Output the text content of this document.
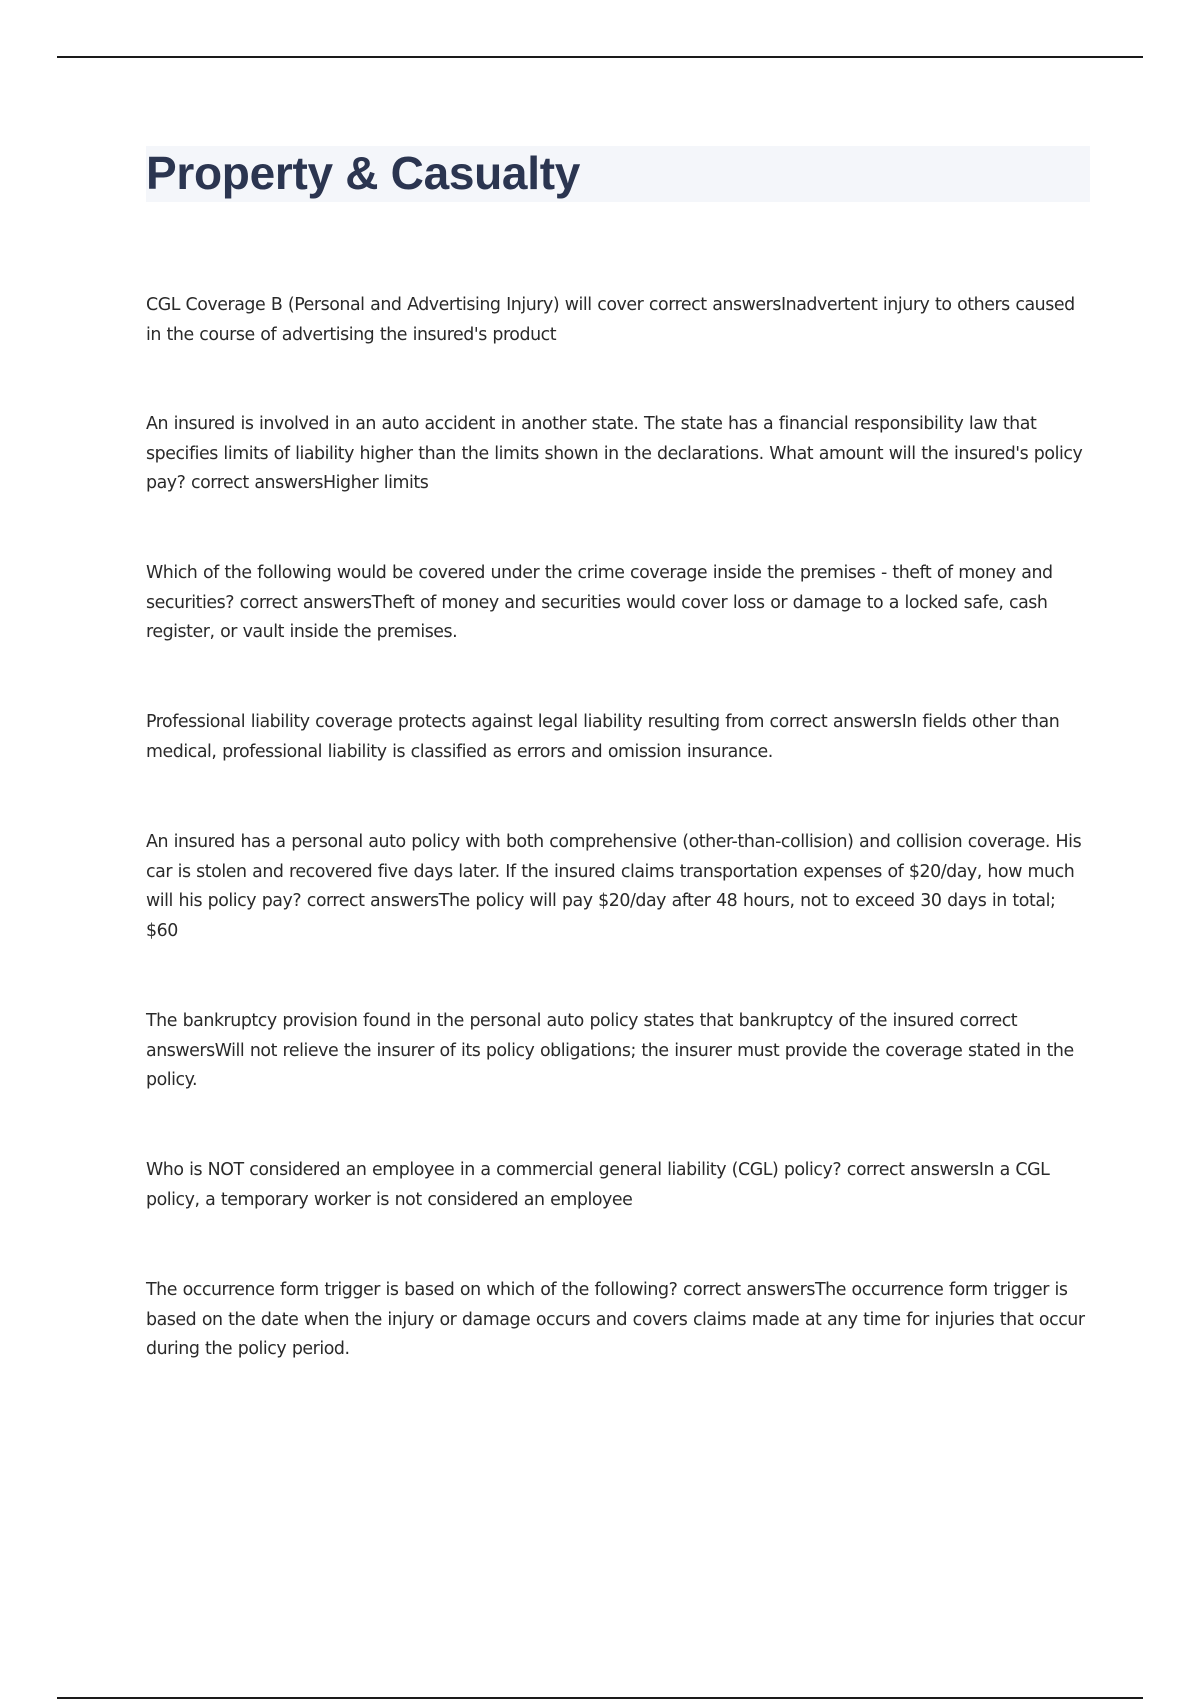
Property & Casualty

CGL Coverage B (Personal and Advertising Injury) will cover correct answersInadvertent injury to others caused in the course of advertising the insured's product

An insured is involved in an auto accident in another state. The state has a financial responsibility law that specifies limits of liability higher than the limits shown in the declarations. What amount will the insured's policy pay? correct answersHigher limits

Which of the following would be covered under the crime coverage inside the premises - theft of money and securities? correct answersTheft of money and securities would cover loss or damage to a locked safe, cash register, or vault inside the premises.

Professional liability coverage protects against legal liability resulting from correct answersIn fields other than medical, professional liability is classified as errors and omission insurance.

An insured has a personal auto policy with both comprehensive (other-than-collision) and collision coverage. His car is stolen and recovered five days later. If the insured claims transportation expenses of $20/day, how much will his policy pay? correct answersThe policy will pay $20/day after 48 hours, not to exceed 30 days in total; $60

The bankruptcy provision found in the personal auto policy states that bankruptcy of the insured correct answersWill not relieve the insurer of its policy obligations; the insurer must provide the coverage stated in the policy.

Who is NOT considered an employee in a commercial general liability (CGL) policy? correct answersIn a CGL policy, a temporary worker is not considered an employee

The occurrence form trigger is based on which of the following? correct answersThe occurrence form trigger is based on the date when the injury or damage occurs and covers claims made at any time for injuries that occur during the policy period.
